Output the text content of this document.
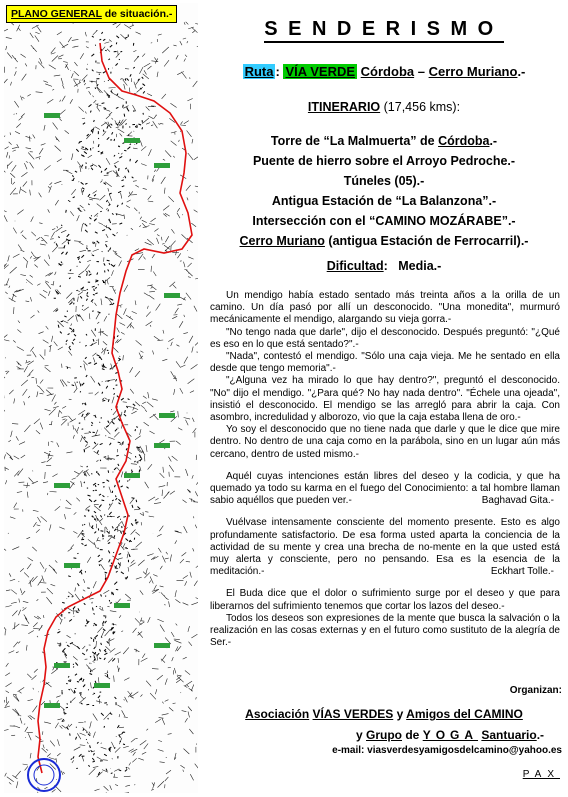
PLANO GENERAL de situación.-
SENDERISMO
Ruta : VÍA VERDE Córdoba – Cerro Muriano.-
ITINERARIO (17,456 kms):
Torre de “La Malmuerta” de Córdoba.-
Puente de hierro sobre el Arroyo Pedroche.-
Túneles (05).-
Antigua Estación de “La Balanzona”.-
Intersección con el “CAMINO MOZÁRABE”.-
Cerro Muriano (antigua Estación de Ferrocarril).-
Dificultad: Media.-

Un mendigo había estado sentado más treinta años a la orilla de un camino. Un día pasó por allí un desconocido. "Una monedita", murmuró mecánicamente el mendigo, alargando su vieja gorra.-

"No tengo nada que darle", dijo el desconocido. Después preguntó: "¿Qué es eso en lo que está sentado?".-

"Nada", contestó el mendigo. "Sólo una caja vieja. Me he sentado en ella desde que tengo memoria".-

"¿Alguna vez ha mirado lo que hay dentro?", preguntó el desconocido. "No" dijo el mendigo. "¿Para qué? No hay nada dentro". "Échele una ojeada", insistió el desconocido. El mendigo se las arregló para abrir la caja. Con asombro, incredulidad y alborozo, vio que la caja estaba llena de oro.-

Yo soy el desconocido que no tiene nada que darle y que le dice que mire dentro. No dentro de una caja como en la parábola, sino en un lugar aún más cercano, dentro de usted mismo.-

Aquél cuyas intenciones están libres del deseo y la codicia, y que ha quemado ya todo su karma en el fuego del Conocimiento: a tal hombre llaman sabio aquéllos que pueden ver.-	Baghavad Gita.-

Vuélvase intensamente consciente del momento presente. Esto es algo profundamente satisfactorio. De esa forma usted aparta la conciencia de la actividad de su mente y crea una brecha de no-mente en la que usted está muy alerta y consciente, pero no pensando. Esa es la esencia de la meditación.-	Eckhart Tolle.-

El Buda dice que el dolor o sufrimiento surge por el deseo y que para liberarnos del sufrimiento tenemos que cortar los lazos del deseo.-

Todos los deseos son expresiones de la mente que busca la salvación o la realización en las cosas externas y en el futuro como sustituto de la alegría de Ser.-

Organizan:
Asociación VÍAS VERDES y Amigos del CAMINO
y Grupo de YOGA Santuario.-
e-mail: viasverdesyamigosdelcamino@yahoo.es
PAX
